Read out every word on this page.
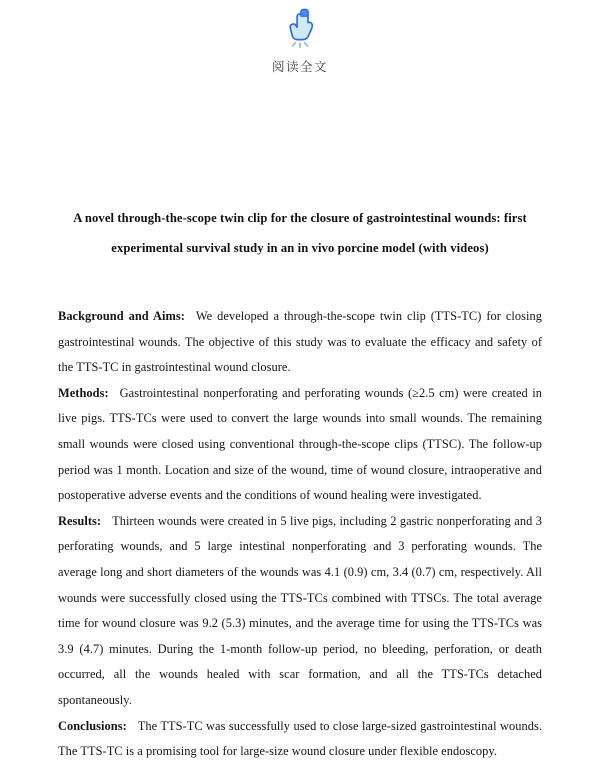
阅读全文
A novel through-the-scope twin clip for the closure of gastrointestinal wounds: first experimental survival study in an in vivo porcine model (with videos)

Background and Aims: We developed a through-the-scope twin clip (TTS-TC) for closing gastrointestinal wounds. The objective of this study was to evaluate the efficacy and safety of the TTS-TC in gastrointestinal wound closure.

Methods: Gastrointestinal nonperforating and perforating wounds (≥2.5 cm) were created in live pigs. TTS-TCs were used to convert the large wounds into small wounds. The remaining small wounds were closed using conventional through-the-scope clips (TTSC). The follow-up period was 1 month. Location and size of the wound, time of wound closure, intraoperative and postoperative adverse events and the conditions of wound healing were investigated.

Results: Thirteen wounds were created in 5 live pigs, including 2 gastric nonperforating and 3 perforating wounds, and 5 large intestinal nonperforating and 3 perforating wounds. The average long and short diameters of the wounds was 4.1 (0.9) cm, 3.4 (0.7) cm, respectively. All wounds were successfully closed using the TTS-TCs combined with TTSCs. The total average time for wound closure was 9.2 (5.3) minutes, and the average time for using the TTS-TCs was 3.9 (4.7) minutes. During the 1-month follow-up period, no bleeding, perforation, or death occurred, all the wounds healed with scar formation, and all the TTS-TCs detached spontaneously.

Conclusions: The TTS-TC was successfully used to close large-sized gastrointestinal wounds. The TTS-TC is a promising tool for large-size wound closure under flexible endoscopy.
